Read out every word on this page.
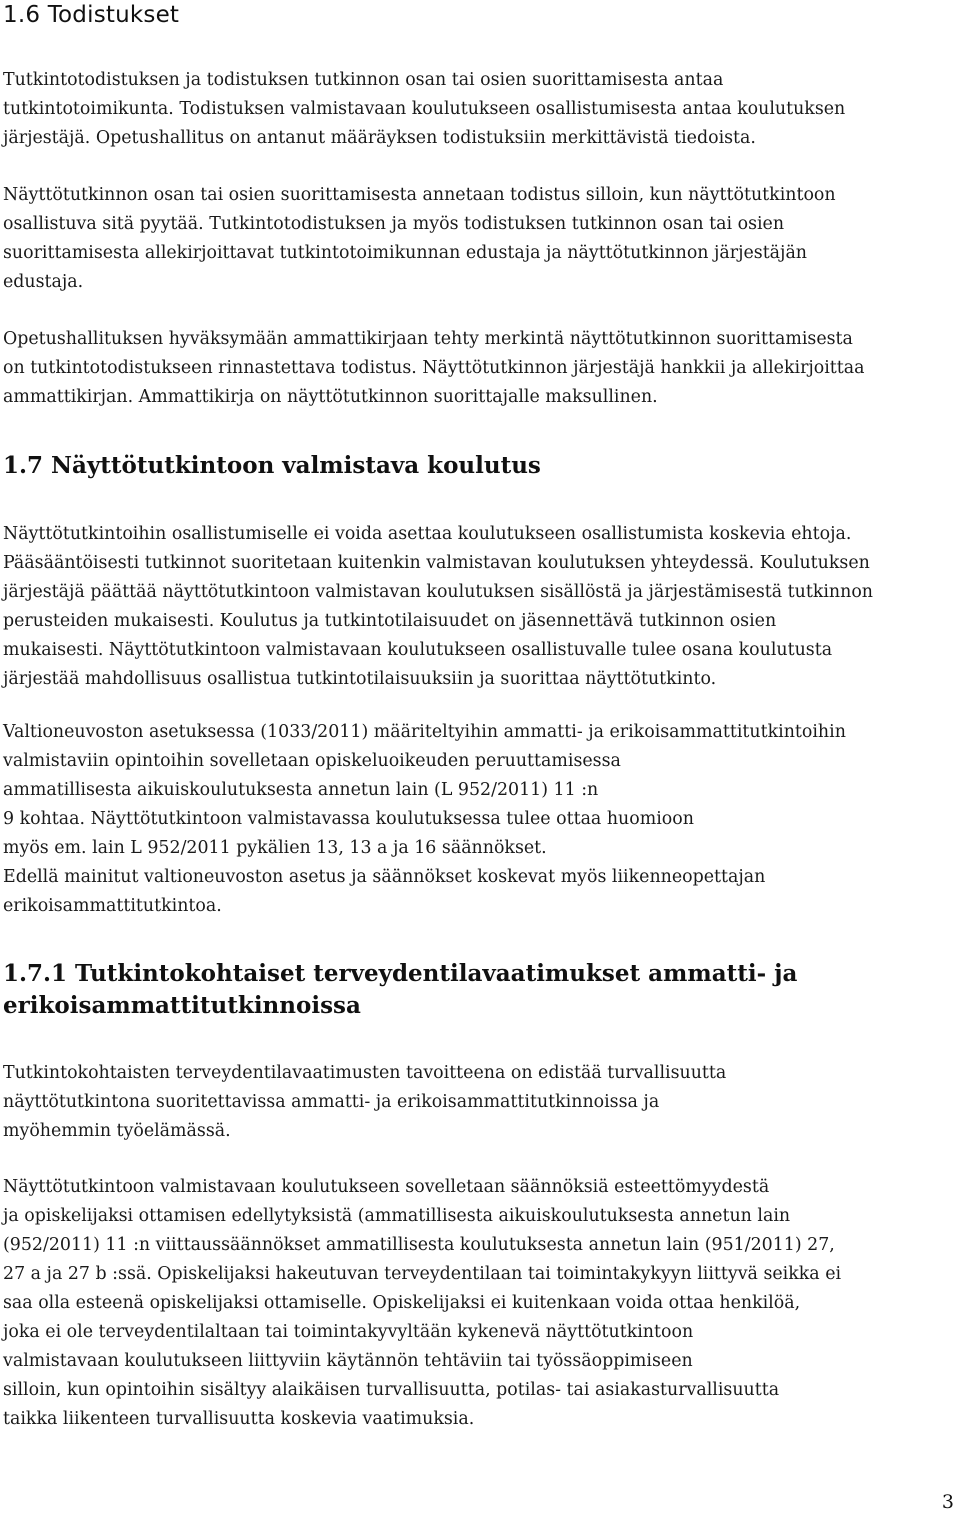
1.6 Todistukset
Tutkintotodistuksen ja todistuksen tutkinnon osan tai osien suorittamisesta antaa
tutkintotoimikunta. Todistuksen valmistavaan koulutukseen osallistumisesta antaa koulutuksen
järjestäjä. Opetushallitus on antanut määräyksen todistuksiin merkittävistä tiedoista.
Näyttötutkinnon osan tai osien suorittamisesta annetaan todistus silloin, kun näyttötutkintoon
osallistuva sitä pyytää. Tutkintotodistuksen ja myös todistuksen tutkinnon osan tai osien
suorittamisesta allekirjoittavat tutkintotoimikunnan edustaja ja näyttötutkinnon järjestäjän
edustaja.
Opetushallituksen hyväksymään ammattikirjaan tehty merkintä näyttötutkinnon suorittamisesta
on tutkintotodistukseen rinnastettava todistus. Näyttötutkinnon järjestäjä hankkii ja allekirjoittaa
ammattikirjan. Ammattikirja on näyttötutkinnon suorittajalle maksullinen.
1.7 Näyttötutkintoon valmistava koulutus
Näyttötutkintoihin osallistumiselle ei voida asettaa koulutukseen osallistumista koskevia ehtoja.
Pääsääntöisesti tutkinnot suoritetaan kuitenkin valmistavan koulutuksen yhteydessä. Koulutuksen
järjestäjä päättää näyttötutkintoon valmistavan koulutuksen sisällöstä ja järjestämisestä tutkinnon
perusteiden mukaisesti. Koulutus ja tutkintotilaisuudet on jäsennettävä tutkinnon osien
mukaisesti. Näyttötutkintoon valmistavaan koulutukseen osallistuvalle tulee osana koulutusta
järjestää mahdollisuus osallistua tutkintotilaisuuksiin ja suorittaa näyttötutkinto.
Valtioneuvoston asetuksessa (1033/2011) määriteltyihin ammatti- ja erikoisammattitutkintoihin
valmistaviin opintoihin sovelletaan opiskeluoikeuden peruuttamisessa
ammatillisesta aikuiskoulutuksesta annetun lain (L 952/2011) 11 :n
9 kohtaa. Näyttötutkintoon valmistavassa koulutuksessa tulee ottaa huomioon
myös em. lain L 952/2011 pykälien 13, 13 a ja 16 säännökset.
Edellä mainitut valtioneuvoston asetus ja säännökset koskevat myös liikenneopettajan
erikoisammattitutkintoa.
1.7.1 Tutkintokohtaiset terveydentilavaatimukset ammatti- ja
erikoisammattitutkinnoissa
Tutkintokohtaisten terveydentilavaatimusten tavoitteena on edistää turvallisuutta
näyttötutkintona suoritettavissa ammatti- ja erikoisammattitutkinnoissa ja
myöhemmin työelämässä.
Näyttötutkintoon valmistavaan koulutukseen sovelletaan säännöksiä esteettömyydestä
ja opiskelijaksi ottamisen edellytyksistä (ammatillisesta aikuiskoulutuksesta annetun lain
(952/2011) 11 :n viittaussäännökset ammatillisesta koulutuksesta annetun lain (951/2011) 27,
27 a ja 27 b :ssä. Opiskelijaksi hakeutuvan terveydentilaan tai toimintakykyyn liittyvä seikka ei
saa olla esteenä opiskelijaksi ottamiselle. Opiskelijaksi ei kuitenkaan voida ottaa henkilöä,
joka ei ole terveydentilaltaan tai toimintakyvyltään kykenevä näyttötutkintoon
valmistavaan koulutukseen liittyviin käytännön tehtäviin tai työssäoppimiseen
silloin, kun opintoihin sisältyy alaikäisen turvallisuutta, potilas- tai asiakasturvallisuutta
taikka liikenteen turvallisuutta koskevia vaatimuksia.
3
